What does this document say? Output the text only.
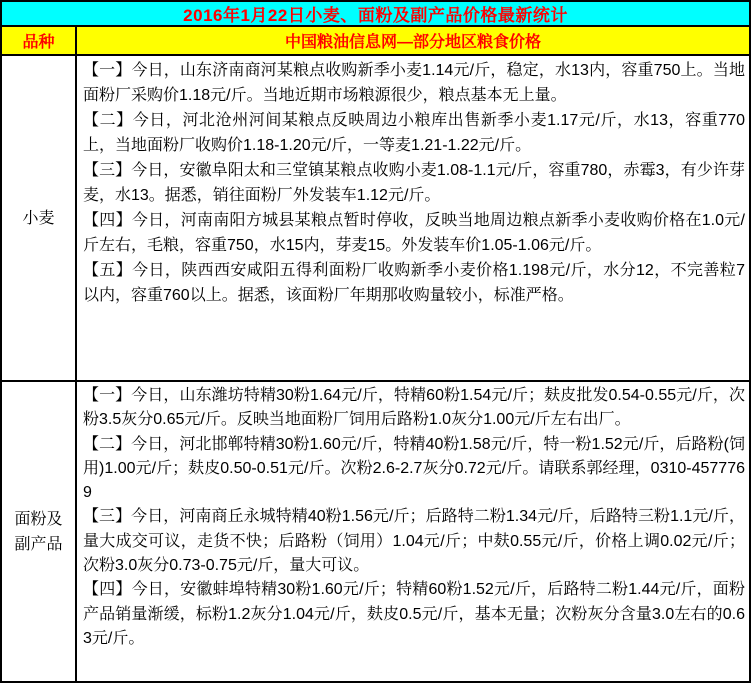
2016年1月22日小麦、面粉及副产品价格最新统计
品种	中国粮油信息网—部分地区粮食价格
小麦

【一】今日，山东济南商河某粮点收购新季小麦1.14元/斤，稳定，水13内，容重750上。当地面粉厂采购价1.18元/斤。当地近期市场粮源很少，粮点基本无上量。

【二】今日，河北沧州河间某粮点反映周边小粮库出售新季小麦1.17元/斤，水13，容重770上，当地面粉厂收购价1.18-1.20元/斤，一等麦1.21-1.22元/斤。

【三】今日，安徽阜阳太和三堂镇某粮点收购小麦1.08-1.1元/斤，容重780，赤霉3，有少许芽麦，水13。据悉，销往面粉厂外发装车1.12元/斤。

【四】今日，河南南阳方城县某粮点暂时停收，反映当地周边粮点新季小麦收购价格在1.0元/斤左右，毛粮，容重750，水15内，芽麦15。外发装车价1.05-1.06元/斤。

【五】今日，陕西西安咸阳五得利面粉厂收购新季小麦价格1.198元/斤，水分12，不完善粒7以内，容重760以上。据悉，该面粉厂年期那收购量较小，标准严格。

面粉及副产品

【一】今日，山东潍坊特精30粉1.64元/斤，特精60粉1.54元/斤；麸皮批发0.54-0.55元/斤，次粉3.5灰分0.65元/斤。反映当地面粉厂饲用后路粉1.0灰分1.00元/斤左右出厂。

【二】今日，河北邯郸特精30粉1.60元/斤，特精40粉1.58元/斤，特一粉1.52元/斤，后路粉(饲用)1.00元/斤；麸皮0.50-0.51元/斤。次粉2.6-2.7灰分0.72元/斤。请联系郭经理，0310-4577769

【三】今日，河南商丘永城特精40粉1.56元/斤；后路特二粉1.34元/斤，后路特三粉1.1元/斤，量大成交可议，走货不快；后路粉（饲用）1.04元/斤；中麸0.55元/斤，价格上调0.02元/斤；次粉3.0灰分0.73-0.75元/斤，量大可议。

【四】今日，安徽蚌埠特精30粉1.60元/斤；特精60粉1.52元/斤，后路特二粉1.44元/斤，面粉产品销量渐缓，标粉1.2灰分1.04元/斤，麸皮0.5元/斤，基本无量；次粉灰分含量3.0左右的0.63元/斤。
